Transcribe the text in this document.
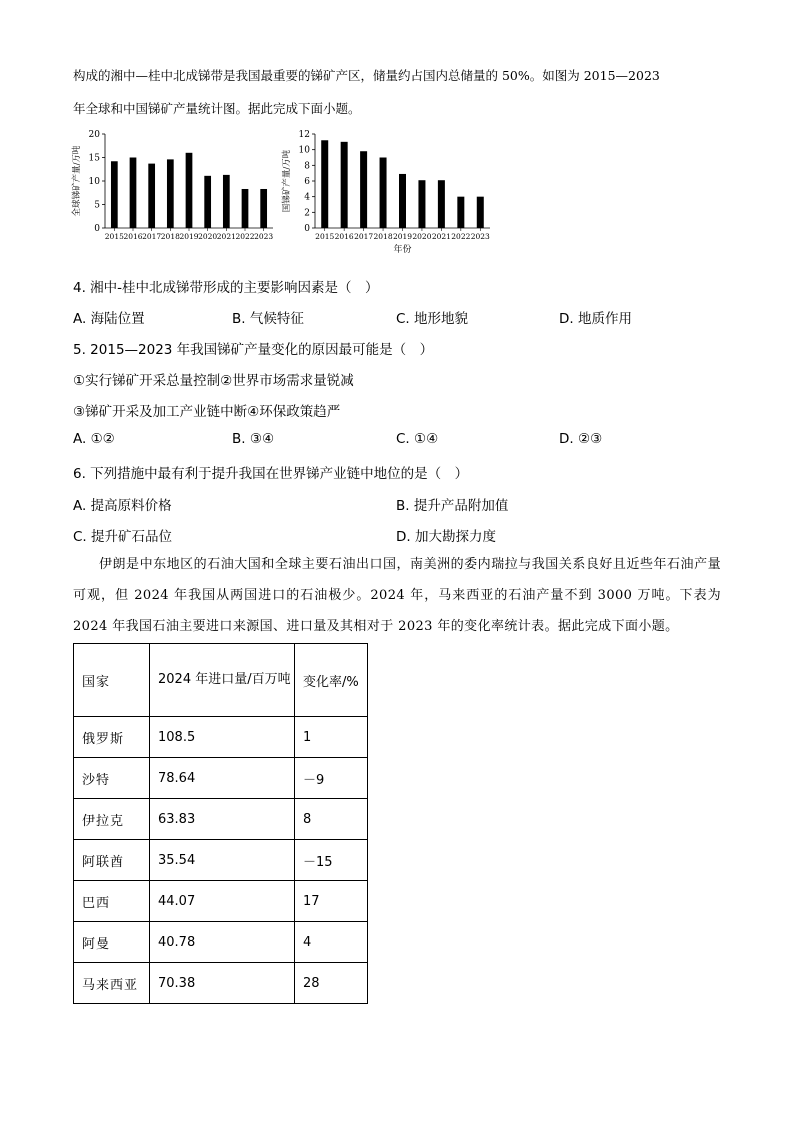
构成的湘中—桂中北成锑带是我国最重要的锑矿产区，储量约占国内总储量的 50%。如图为 2015—2023
年全球和中国锑矿产量统计图。据此完成下面小题。
0
5
10
15
20
2015 2016 2017 2018 2019 2020 2021 2022 2023
全球锑矿产量/万吨
0
2
4
6
8
10
12
2015 2016 2017 2018 2019 2020 2021 2022 2023
国锑矿产量/万吨
年份
4. 湘中-桂中北成锑带形成的主要影响因素是（　）
A. 海陆位置	B. 气候特征	C. 地形地貌	D. 地质作用
5. 2015—2023 年我国锑矿产量变化的原因最可能是（　）
①实行锑矿开采总量控制②世界市场需求量锐减
③锑矿开采及加工产业链中断④环保政策趋严
A. ①②	B. ③④	C. ①④	D. ②③
6. 下列措施中最有利于提升我国在世界锑产业链中地位的是（　）
A. 提高原料价格	B. 提升产品附加值
C. 提升矿石品位	D. 加大勘探力度
伊朗是中东地区的石油大国和全球主要石油出口国，南美洲的委内瑞拉与我国关系良好且近些年石油产量可观，但 2024 年我国从两国进口的石油极少。2024 年，马来西亚的石油产量不到 3000 万吨。下表为 2024 年我国石油主要进口来源国、进口量及其相对于 2023 年的变化率统计表。据此完成下面小题。
国家	2024 年进口量/百万吨	变化率/%
俄罗斯	108.5	1
沙特	78.64	－9
伊拉克	63.83	8
阿联酋	35.54	－15
巴西	44.07	17
阿曼	40.78	4
马来西亚	70.38	28
